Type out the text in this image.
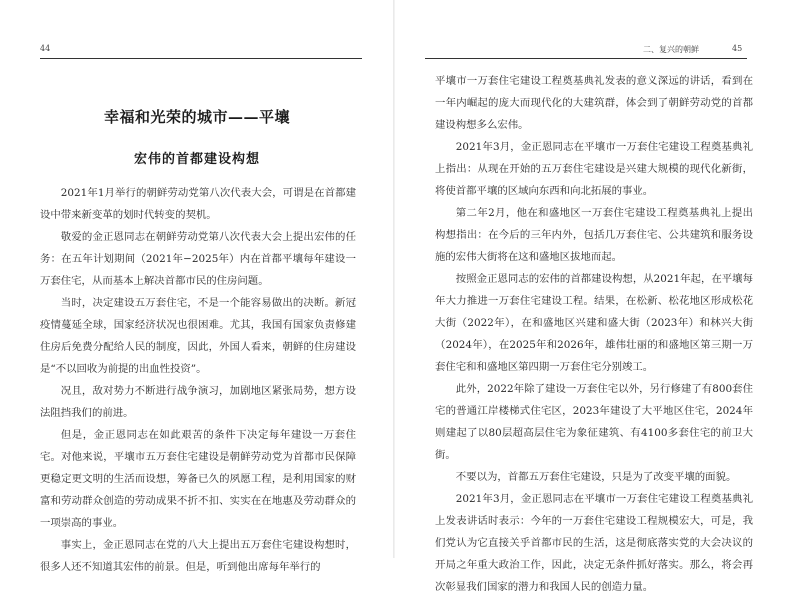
44
幸福和光荣的城市——平壤
宏伟的首都建设构想

2021年1月举行的朝鲜劳动党第八次代表大会，可谓是在首都建设中带来新变革的划时代转变的契机。

敬爱的金正恩同志在朝鲜劳动党第八次代表大会上提出宏伟的任务：在五年计划期间（2021年−2025年）内在首都平壤每年建设一万套住宅，从而基本上解决首都市民的住房问题。

当时，决定建设五万套住宅，不是一个能容易做出的决断。新冠疫情蔓延全球，国家经济状况也很困难。尤其，我国有国家负责修建住房后免费分配给人民的制度，因此，外国人看来，朝鲜的住房建设是“不以回收为前提的出血性投资”。

况且，敌对势力不断进行战争演习，加剧地区紧张局势，想方设法阻挡我们的前进。

但是，金正恩同志在如此艰苦的条件下决定每年建设一万套住宅。对他来说，平壤市五万套住宅建设是朝鲜劳动党为首都市民保障更稳定更文明的生活而设想，筹备已久的夙愿工程，是利用国家的财富和劳动群众创造的劳动成果不折不扣、实实在在地惠及劳动群众的一项崇高的事业。

事实上，金正恩同志在党的八大上提出五万套住宅建设构想时，很多人还不知道其宏伟的前景。但是，听到他出席每年举行的

二、复兴的朝鲜	45

平壤市一万套住宅建设工程奠基典礼发表的意义深远的讲话，看到在一年内崛起的庞大而现代化的大建筑群，体会到了朝鲜劳动党的首都建设构想多么宏伟。

2021年3月，金正恩同志在平壤市一万套住宅建设工程奠基典礼上指出：从现在开始的五万套住宅建设是兴建大规模的现代化新街，将使首都平壤的区域向东西和向北拓展的事业。

第二年2月，他在和盛地区一万套住宅建设工程奠基典礼上提出构想指出：在今后的三年内外，包括几万套住宅、公共建筑和服务设施的宏伟大街将在这和盛地区拔地而起。

按照金正恩同志的宏伟的首都建设构想，从2021年起，在平壤每年大力推进一万套住宅建设工程。结果，在松新、松花地区形成松花大街（2022年），在和盛地区兴建和盛大街（2023年）和林兴大街（2024年），在2025年和2026年，雄伟壮丽的和盛地区第三期一万套住宅和和盛地区第四期一万套住宅分别竣工。

此外，2022年除了建设一万套住宅以外，另行修建了有800套住宅的普通江岸楼梯式住宅区，2023年建设了大平地区住宅，2024年则建起了以80层超高层住宅为象征建筑、有4100多套住宅的前卫大街。

不要以为，首都五万套住宅建设，只是为了改变平壤的面貌。

2021年3月，金正恩同志在平壤市一万套住宅建设工程奠基典礼上发表讲话时表示：今年的一万套住宅建设工程规模宏大，可是，我们党认为它直接关乎首都市民的生活，这是彻底落实党的大会决议的开局之年重大政治工作，因此，决定无条件抓好落实。那么，将会再次彰显我们国家的潜力和我国人民的创造力量。
